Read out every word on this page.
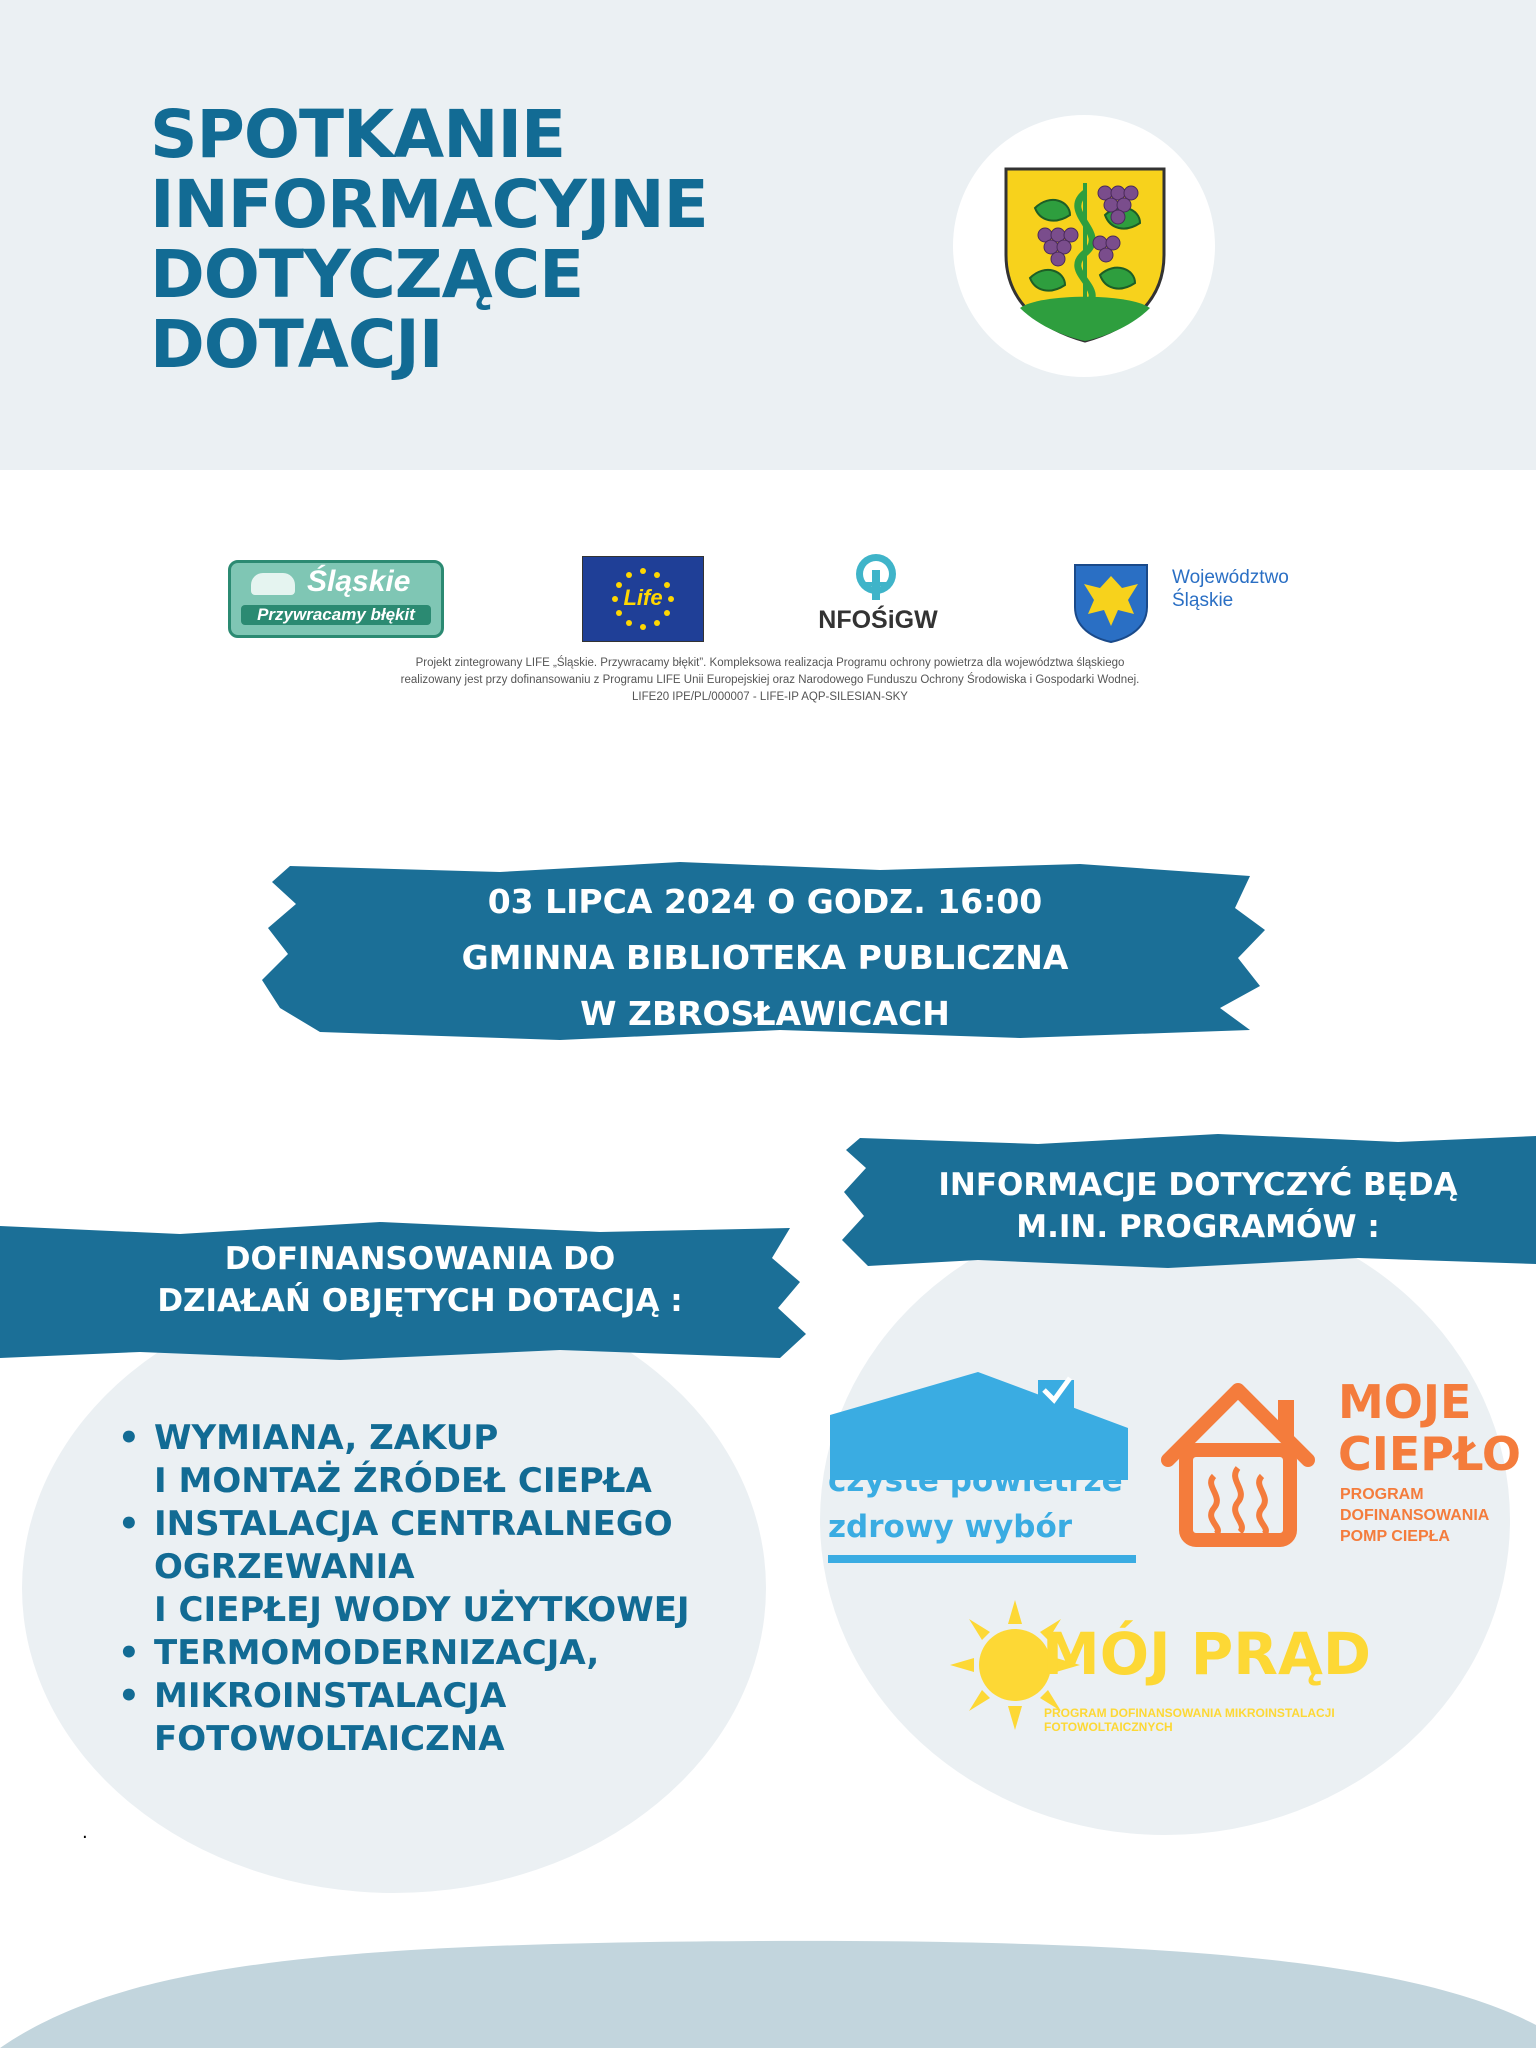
SPOTKANIE
INFORMACYJNE
DOTYCZĄCE
DOTACJI
Śląskie
Przywracamy błękit
Life
NFOŚiGW
Województwo
Śląskie
Projekt zintegrowany LIFE „Śląskie. Przywracamy błękit”. Kompleksowa realizacja Programu ochrony powietrza dla województwa śląskiego
realizowany jest przy dofinansowaniu z Programu LIFE Unii Europejskiej oraz Narodowego Funduszu Ochrony Środowiska i Gospodarki Wodnej.
LIFE20 IPE/PL/000007 - LIFE-IP AQP-SILESIAN-SKY
03 LIPCA 2024 O GODZ. 16:00
GMINNA BIBLIOTEKA PUBLICZNA
W ZBROSŁAWICACH
INFORMACJE DOTYCZYĆ BĘDĄ
M.IN. PROGRAMÓW :
DOFINANSOWANIA DO
DZIAŁAŃ OBJĘTYCH DOTACJĄ :
• WYMIANA, ZAKUP
I MONTAŻ ŹRÓDEŁ CIEPŁA
• INSTALACJA CENTRALNEGO
OGRZEWANIA
I CIEPŁEJ WODY UŻYTKOWEJ
• TERMOMODERNIZACJA,
• MIKROINSTALACJA
FOTOWOLTAICZNA
.
czyste powietrze
zdrowy wybór
MOJE
CIEPŁO
PROGRAM
DOFINANSOWANIA
POMP CIEPŁA
MÓJ PRĄD
PROGRAM DOFINANSOWANIA MIKROINSTALACJI
FOTOWOLTAICZNYCH
